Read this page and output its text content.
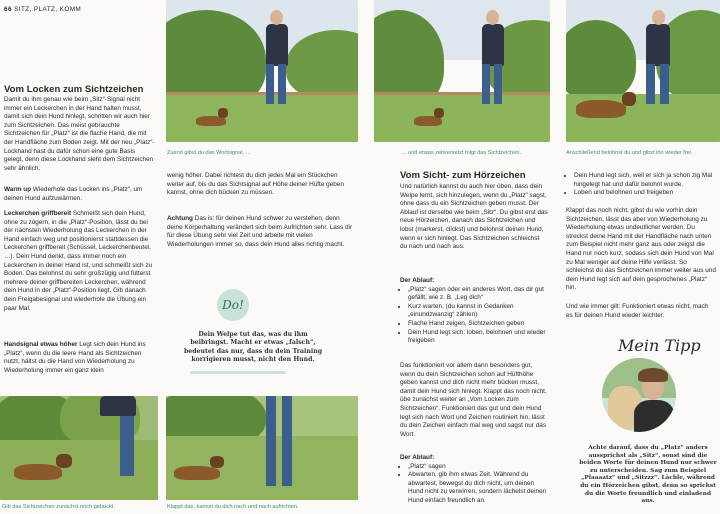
66 SITZ, PLATZ, KOMM
Vom Locken zum Sichtzeichen

Damit du ihm genau wie beim „Sitz“-Signal nicht immer ein Leckerchen in der Hand halten musst, damit sich dein Hund hinlegt, schritten wir auch hier zum Sichtzeichen. Das meist gebrauchte Sichtzeichen für „Platz“ ist die flache Hand, die mit der Handfläche zum Boden zeigt. Mit der neu „Platz“-Lockhand hast du dafür schon eine gute Basis gelegt, denn diese Lockhand sieht dem Sichtzeichen sehr ähnlich.

Warm up Wiederhole das Locken ins „Platz“, um deinen Hund aufzuwärmen.

Leckerchen griffbereit Schmeißt sich dein Hund, ohne zu zögern, in die „Platz“-Position, lässt du bei der nächsten Wiederholung das Leckerchen in der Hand einfach weg und positionierst stattdessen die Leckerchen griffbereit (Schüssel, Leckerchenbeutel, …). Dein Hund denkt, dass immer noch ein Leckerchen in deiner Hand ist, und schmeißt sich zu Boden. Das belohnst du sehr großzügig und fütterst mehrere deiner griffbereiten Leckerchen, während dein Hund in der „Platz“-Position liegt. Gib danach dein Freigabesignal und wiederhole die Übung ein paar Mal.

Handsignal etwas höher Legt sich dein Hund ins „Platz“, wenn du die leere Hand als Sichtzeichen nutzt, hältst du die Hand von Wiederholung zu Wiederholung immer ein ganz klein

Gib das Sichtzeichen zunächst noch gebückt.
Zuerst gibst du das Wortsignal, …

wenig höher. Dabei richtest du dich jedes Mal ein Stückchen weiter auf, bis du das Sichtsignal auf Höhe deiner Hüfte geben kannst, ohne dich bücken zu müssen.

Achtung Das is: für deinen Hund schwer zu verstehen, denn deine Körperhaltung verändert sich beim Aufrichten sehr. Lass dir für diese Übung sehr viel Zeit und arbeite mit vielen Wiederholungen immer so, dass dein Hund alles richtig macht.

Do!

Dein Welpe tut das, was du ihm beibringst. Macht er etwas „falsch“, bedeutet das nur, dass du dein Training korrigieren musst, nicht den Hund.

Klappt das, kannst du dich nach und nach aufrichten.
… und etwas zeitversetzt folgt das Sichtzeichen.
Vom Sicht- zum Hörzeichen

Und natürlich kannst du auch hier üben, dass dein Welpe lernt, sich hinzulegen, wenn du „Platz“ sagst, ohne dass du ein Sichtzeichen geben musst. Der Ablauf ist derselbe wie beim „Sitz“. Du gibst erst das neue Hörzeichen, danach das Sichtzeichen und lobst (markerst, clickst) und belohnst deinen Hund, wenn er sich hinlegt. Das Sichtzeichen schleichst du nach und nach aus.

Der Ablauf:

• „Platz“ sagen oder ein anderes Wort, das dir gut gefällt, wie z. B. „Leg dich“
• Kurz warten, (du kannst in Gedanken „einundzwanzig“ zählen)
• Flache Hand zeigen, Sichtzeichen geben
• Dein Hund legt sich: loben, belohnen und wieder freigeben

Das funktioniert vor allem dann besonders gut, wenn du dein Sichtzeichen schon auf Hüfthöhe geben kannst und dich nicht mehr bücken musst, damit dein Hund sich hinlegt. Klappt das noch nicht, übe zunächst weiter an „Vom Locken zum Sichtzeichen“. Funktioniert das gut und dein Hund legt sich nach Wort und Zeichen routiniert hin, lässt du dein Zeichen einfach mal weg und sagst nur das Wort.

Der Ablauf:

• „Platz“ sagen
• Abwarten, gib ihm etwas Zeit. Während du abwartest, bewegst du dich nicht, um deinen Hund nicht zu verwirren, sondern lächelst deinen Hund einfach freundlich an.
Anschließend belohnst du und gibst ihn wieder frei.
• Dein Hund legt sich, weil er sich ja schon zig Mal hingelegt hat und dafür belohnt wurde.
• Loben und belohnen und freigeben

Klappt das noch nicht, gibst du wie vorhin dein Sichtzeichen, lässt das aber von Wiederholung zu Wiederholung etwas undeutlicher werden. Du streckst deine Hand mit der Handfläche nach unten zum Beispiel nicht mehr ganz aus oder zeigst die Hand nur noch kurz, sodass sich dein Hund von Mal zu Mal weniger auf deine Hilfe verlässt. So schleichst du das Sichtzeichen immer weiter aus und dein Hund legt sich auf dein gesprochenes „Platz“ hin.

Und wie immer gilt: Funktioniert etwas nicht, mach es für deinen Hund wieder leichter.

Mein Tipp

Achte darauf, dass du „Platz“ anders aussprichst als „Sitz“, sonst sind die beiden Worte für deinen Hund nur schwer zu unterscheiden. Sag zum Beispiel „Plaaaatz“ und „Sitzzz“. Lächle, während du ein Hörzeichen gibst, denn so sprichst du die Worte freundlich und einladend aus.
